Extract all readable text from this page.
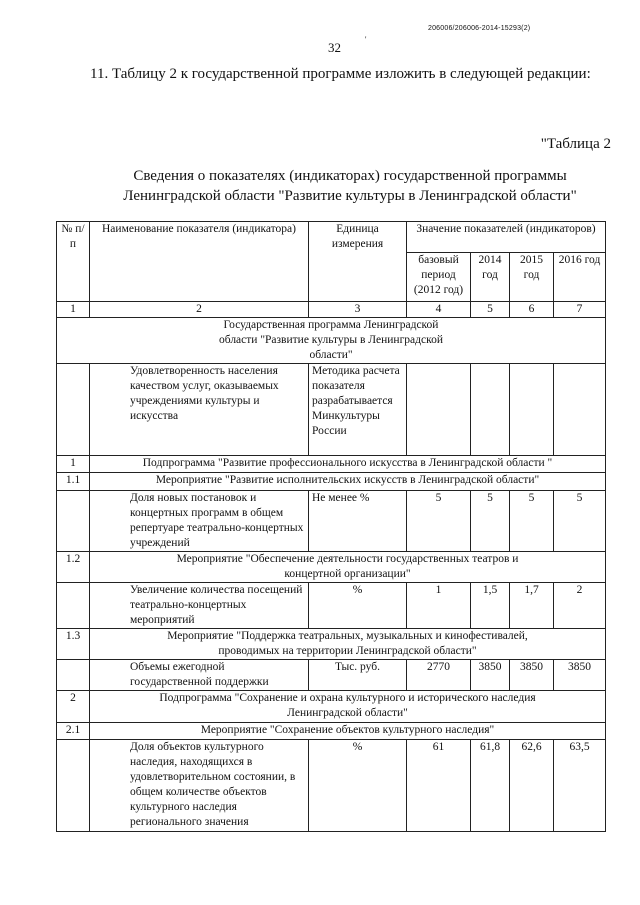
206006/206006-2014-15293(2)
32
'
11. Таблицу 2 к государственной программе изложить в следующей редакции:
"Таблица 2
Сведения о показателях (индикаторах) государственной программы
Ленинградской области "Развитие культуры в Ленинградской области"
№ п/п	Наименование показателя (индикатора)	Единица измерения	Значение показателей (индикаторов)			
			базовый период (2012 год)	2014 год	2015 год	2016 год
1	2	3	4	5	6	7
Государственная программа Ленинградской области "Развитие культуры в Ленинградской области"						
	Удовлетворенность населения качеством услуг, оказываемых учреждениями культуры и искусства	Методика расчета показателя разрабатывается Минкультуры России				
1	Подпрограмма "Развитие профессионального искусства в Ленинградской области "					
1.1	Мероприятие "Развитие исполнительских искусств в Ленинградской области"					
	Доля новых постановок и концертных программ в общем репертуаре театрально-концертных учреждений	Не менее %	5	5	5	5
1.2	Мероприятие "Обеспечение деятельности государственных театров и концертной организации"					
	Увеличение количества посещений театрально-концертных мероприятий	%	1	1,5	1,7	2
1.3	Мероприятие "Поддержка театральных, музыкальных и кинофестивалей, проводимых на территории Ленинградской области"					
	Объемы ежегодной государственной поддержки	Тыс. руб.	2770	3850	3850	3850
2	Подпрограмма "Сохранение и охрана культурного и исторического наследия Ленинградской области"					
2.1	Мероприятие "Сохранение объектов культурного наследия"					
	Доля объектов культурного наследия, находящихся в удовлетворительном состоянии, в общем количестве объектов культурного наследия регионального значения	%	61	61,8	62,6	63,5
